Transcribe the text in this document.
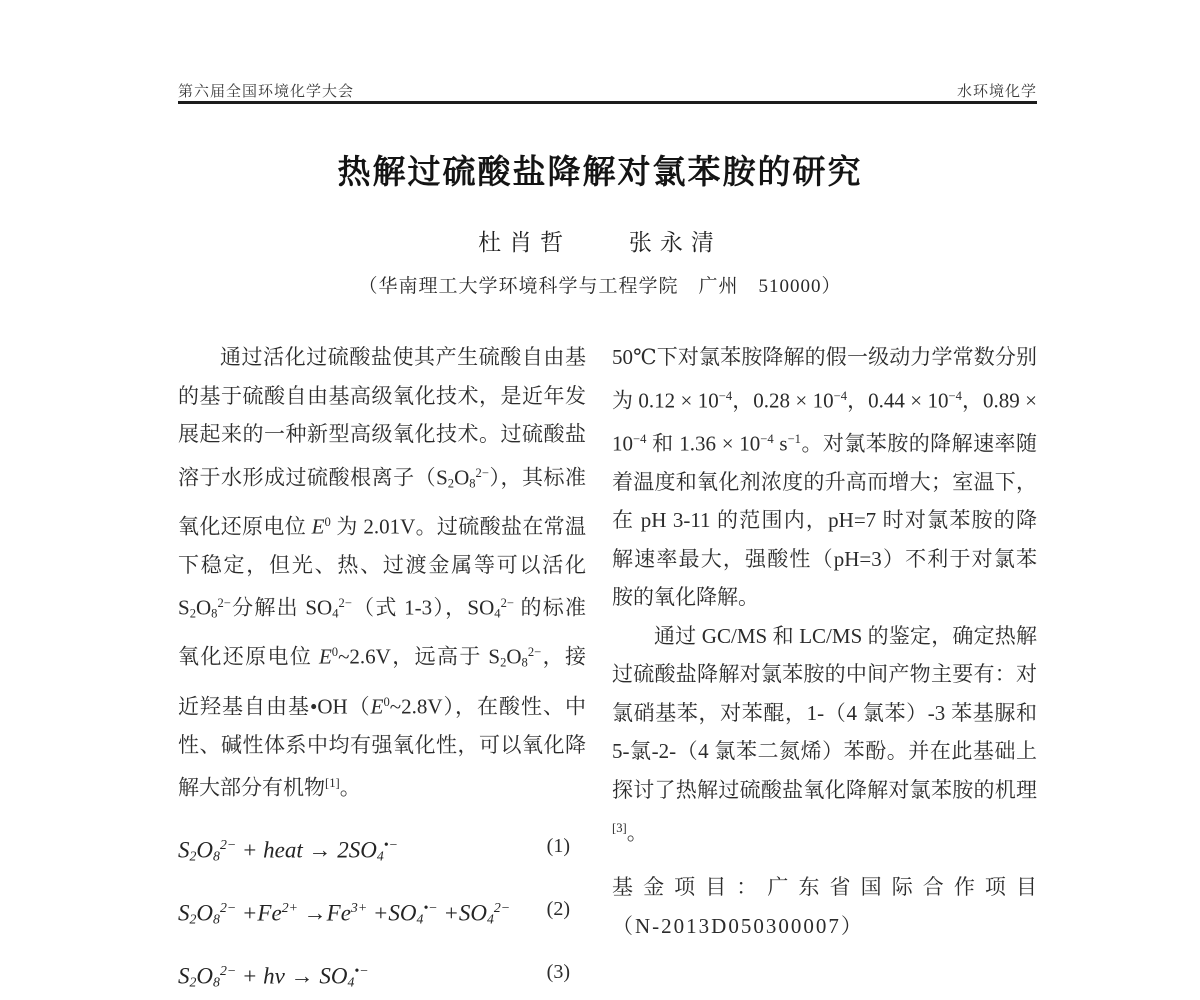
第六届全国环境化学大会	水环境化学
热解过硫酸盐降解对氯苯胺的研究
杜肖哲	张永清
（华南理工大学环境科学与工程学院　广州　510000）

通过活化过硫酸盐使其产生硫酸自由基的基于硫酸自由基高级氧化技术，是近年发展起来的一种新型高级氧化技术。过硫酸盐溶于水形成过硫酸根离子$(S2O8^{2-})$，其标准氧化还原电位 $E^0$ 为 2.01V。过硫酸盐在常温下稳定，但光、热、过渡金属等可以活化 $S2O8^{2-}$分解出 $SO4^{2-}$（式 1-3），$SO4^{2-}$ 的标准氧化还原电位 $E^0\sim 2.6V$，远高于 $S2O8^{2-}$，接近羟基自由基$•OH(E^0\sim 2.8V)$，在酸性、中性、碱性体系中均有强氧化性，可以氧化降解大部分有机物[1]。

$S2O8^{2-}$ + heat → 2SO4•−	(1)
$S2O8^{2-} +Fe^{2+} \to Fe^{3+} +SO4^{•-} +SO4^{2-}$ (2)
$S2O8^{2-}$ + hv → SO4•−	(3)

50℃下对氯苯胺降解的假一级动力学常数分别为 $0.12 \times 10^{-4}$，$0.28 \times 10^{-4}$，$0.44 \times 10^{-4}$，$0.89 \times 10^{-4}$ 和 $1.36 \times 10^{-4}$ $s^{-1}$。对氯苯胺的降解速率随着温度和氧化剂浓度的升高而增大；室温下，在 pH 3-11 的范围内，pH=7 时对氯苯胺的降解速率最大，强酸性（pH=3）不利于对氯苯胺的氧化降解。

通过 GC/MS 和 LC/MS 的鉴定，确定热解过硫酸盐降解对氯苯胺的中间产物主要有：对氯硝基苯，对苯醌，1-（4 氯苯）-3 苯基脲和 5-氯-2-（4 氯苯二氮烯）苯酚。并在此基础上探讨了热解过硫酸盐氧化降解对氯苯胺的机理[3]。

基金项目：广东省国际合作项目

（N-2013D050300007）
